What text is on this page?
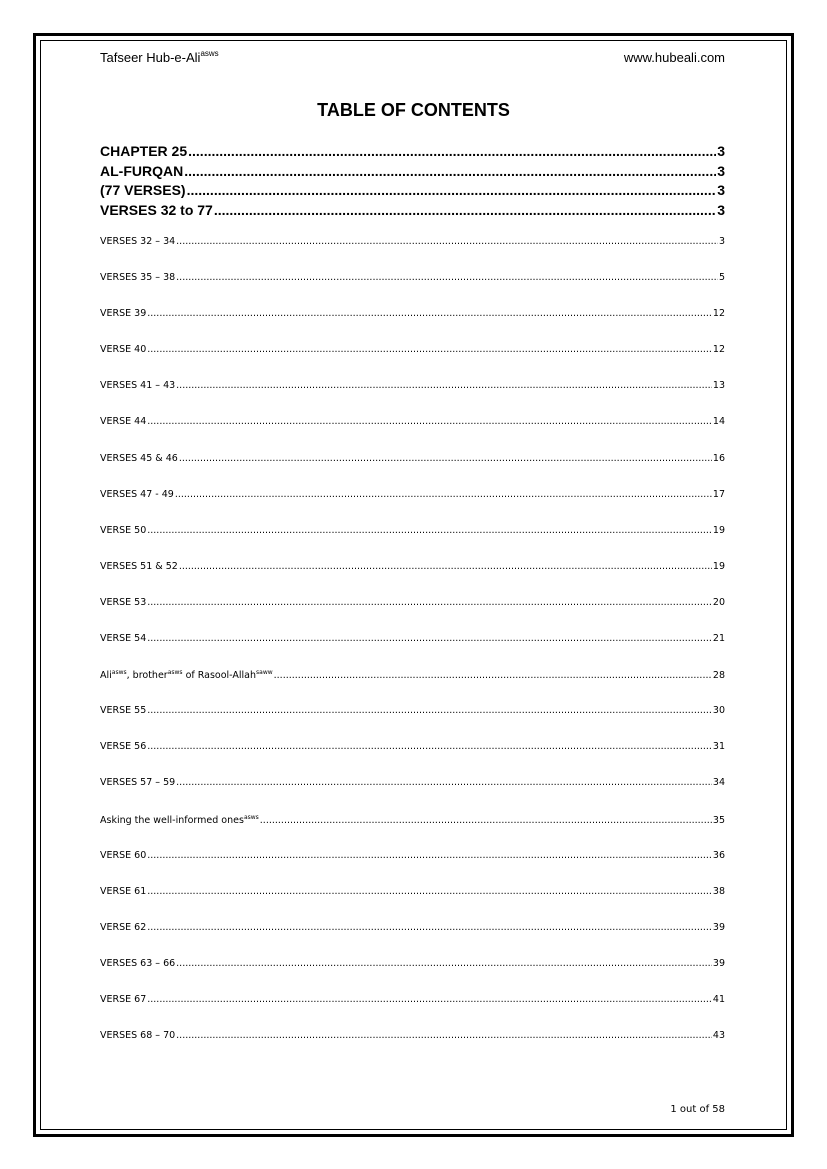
Tafseer Hub-e-Ali$^{asws}$	www.hubeali.com
TABLE OF CONTENTS
CHAPTER 25 .....	3
AL-FURQAN .....	3
(77 VERSES) .....	3
VERSES 32 to 77 .....	3
VERSES 32 – 34 .....	3
VERSES 35 – 38 .....	5
VERSE 39 .....	12
VERSE 40 .....	12
VERSES 41 – 43 .....	13
VERSE 44 .....	14
VERSES 45 & 46 .....	16
VERSES 47 - 49 .....	17
VERSE 50 .....	19
VERSES 51 & 52 .....	19
VERSE 53 .....	20
VERSE 54 .....	21
Ali$^{asws}$, brother$^{asws}$ of Rasool-Allah$^{saww}$ .....	28
VERSE 55 .....	30
VERSE 56 .....	31
VERSES 57 – 59 .....	34
Asking the well-informed ones$^{asws}$ .....	35
VERSE 60 .....	36
VERSE 61 .....	38
VERSE 62 .....	39
VERSES 63 – 66 .....	39
VERSE 67 .....	41
VERSES 68 – 70 .....	43
1 out of 58
